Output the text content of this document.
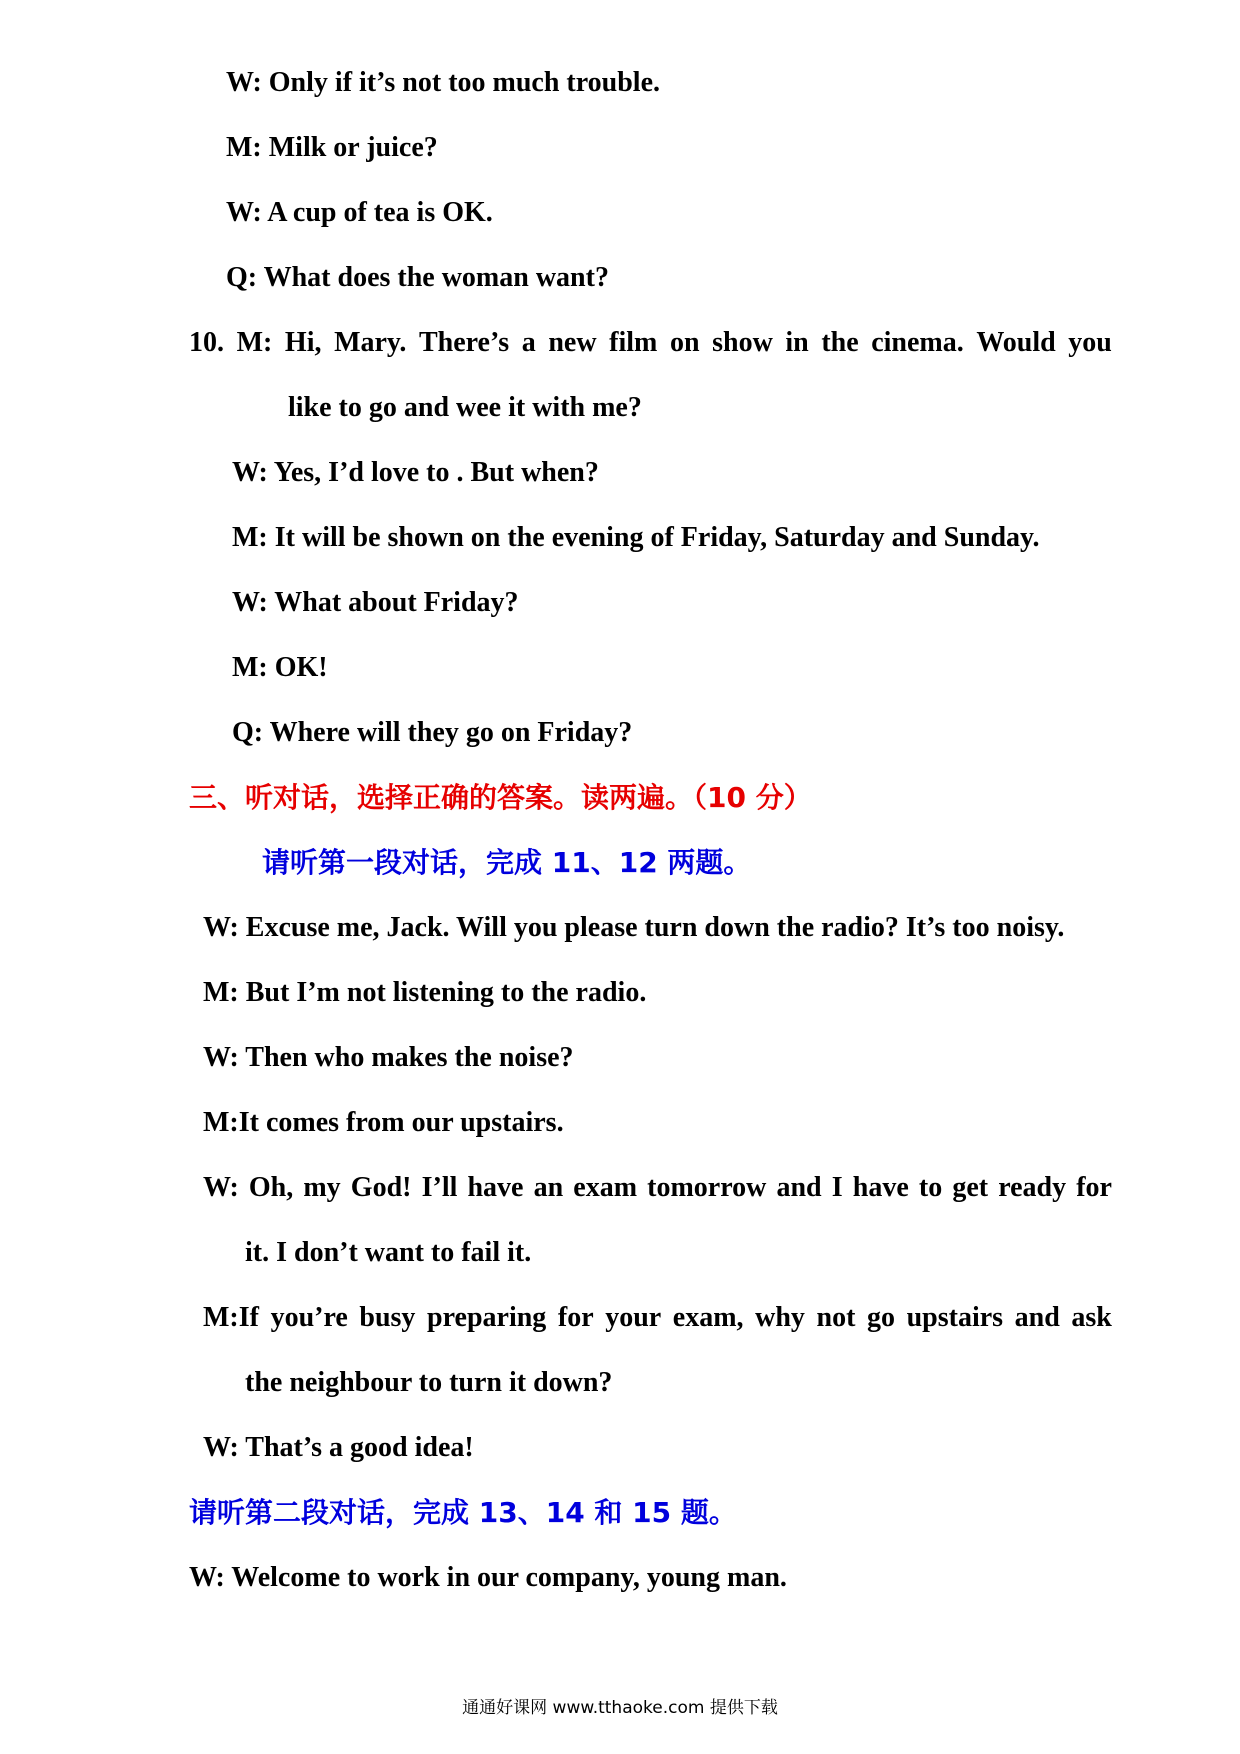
W: Only if it’s not too much trouble.
M: Milk or juice?
W: A cup of tea is OK.
Q: What does the woman want?
10. M: Hi, Mary. There’s a new film on show in the cinema. Would you
like to go and wee it with me?
W: Yes, I’d love to . But when?
M: It will be shown on the evening of Friday, Saturday and Sunday.
W: What about Friday?
M: OK!
Q: Where will they go on Friday?
三、听对话，选择正确的答案。读两遍。（10 分）
请听第一段对话，完成 11、12 两题。
W: Excuse me, Jack. Will you please turn down the radio? It’s too noisy.
M: But I’m not listening to the radio.
W: Then who makes the noise?
M:It comes from our upstairs.
W: Oh, my God! I’ll have an exam tomorrow and I have to get ready for
it. I don’t want to fail it.
M:If you’re busy preparing for your exam, why not go upstairs and ask
the neighbour to turn it down?
W: That’s a good idea!
请听第二段对话，完成 13、14 和 15 题。
W: Welcome to work in our company, young man.
通通好课网 www.tthaoke.com 提供下载
